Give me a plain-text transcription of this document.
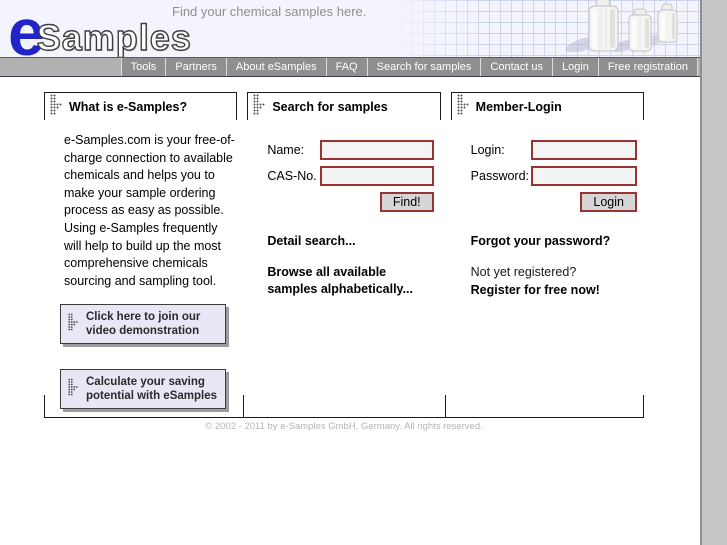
eSamples
Find your chemical samples here.
Tools	Partners	About eSamples	FAQ	Search for samples	Contact us	Login	Free registration
What is e-Samples?	Search for samples	Member-Login

e-Samples.com is your free-of-charge connection to available chemicals and helps you to make your sample ordering process as easy as possible. Using e-Samples frequently will help to build up the most comprehensive chemicals sourcing and sampling tool.

Click here to join our video demonstration
Calculate your saving potential with eSamples
Name:
CAS-No.
Find!
Detail search...
Browse all available samples alphabetically...
Login:
Password:
Login
Forgot your password?
Not yet registered?
Register for free now!
© 2002 - 2011 by e-Samples GmbH, Germany. All rights reserved.
